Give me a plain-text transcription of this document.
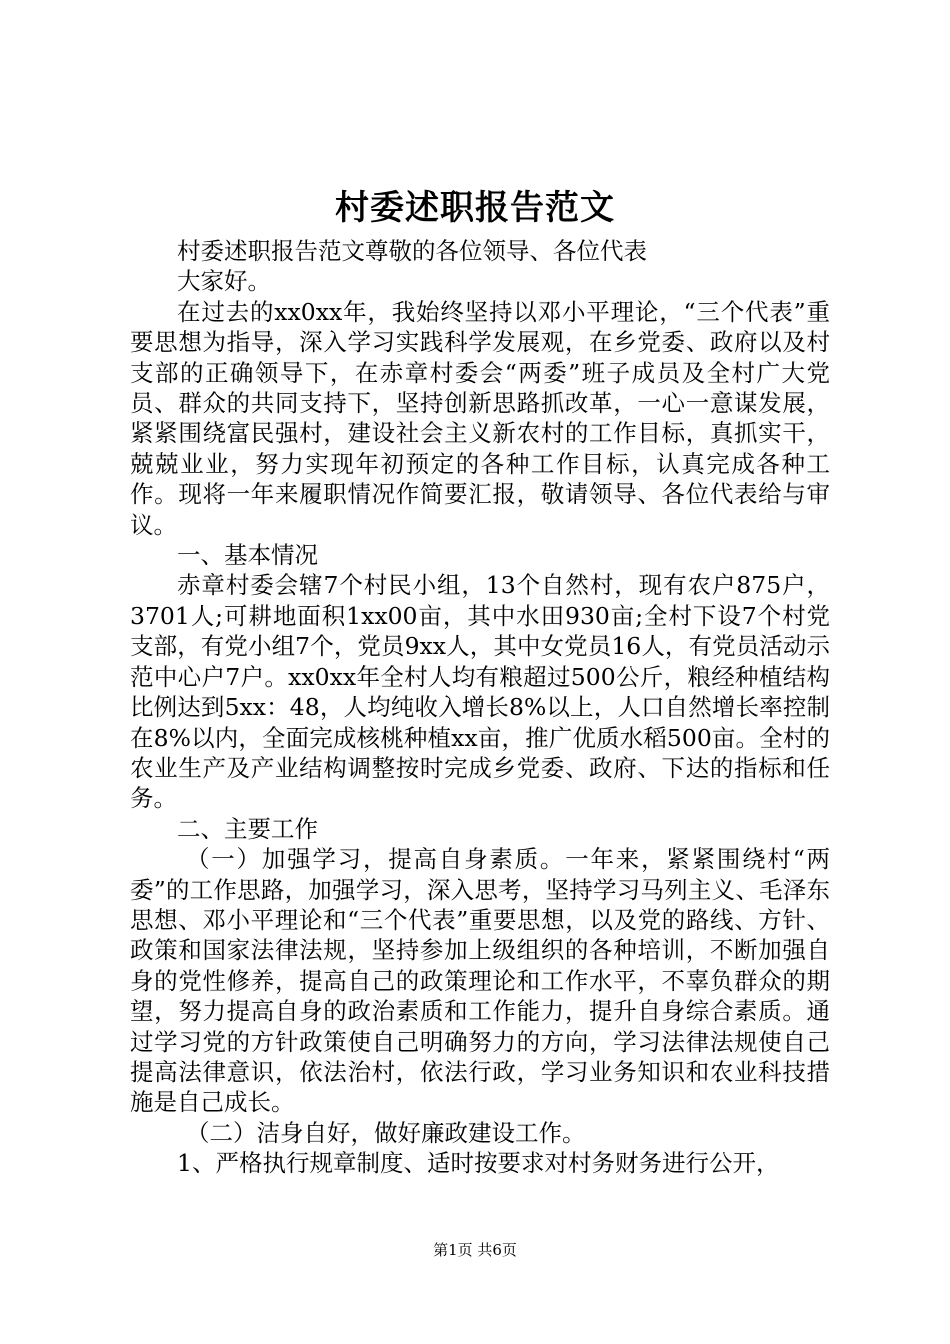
村委述职报告范文

村委述职报告范文尊敬的各位领导、各位代表

大家好。

在过去的xx0xx年，我始终坚持以邓小平理论，“三个代表”重要思想为指导，深入学习实践科学发展观，在乡党委、政府以及村支部的正确领导下，在赤章村委会“两委”班子成员及全村广大党员、群众的共同支持下，坚持创新思路抓改革，一心一意谋发展，紧紧围绕富民强村，建设社会主义新农村的工作目标，真抓实干，兢兢业业，努力实现年初预定的各种工作目标，认真完成各种工作。现将一年来履职情况作简要汇报，敬请领导、各位代表给与审议。

一、基本情况

赤章村委会辖7个村民小组，13个自然村，现有农户875户，3701人;可耕地面积1xx00亩，其中水田930亩;全村下设7个村党支部，有党小组7个，党员9xx人，其中女党员16人，有党员活动示范中心户7户。xx0xx年全村人均有粮超过500公斤，粮经种植结构比例达到5xx：48，人均纯收入增长8%以上，人口自然增长率控制在8%以内，全面完成核桃种植xx亩，推广优质水稻500亩。全村的农业生产及产业结构调整按时完成乡党委、政府、下达的指标和任务。

二、主要工作

（一）加强学习，提高自身素质。一年来，紧紧围绕村“两委”的工作思路，加强学习，深入思考，坚持学习马列主义、毛泽东思想、邓小平理论和“三个代表”重要思想，以及党的路线、方针、政策和国家法律法规，坚持参加上级组织的各种培训，不断加强自身的党性修养，提高自己的政策理论和工作水平，不辜负群众的期望，努力提高自身的政治素质和工作能力，提升自身综合素质。通过学习党的方针政策使自己明确努力的方向，学习法律法规使自己提高法律意识，依法治村，依法行政，学习业务知识和农业科技措施是自己成长。

（二）洁身自好，做好廉政建设工作。

1、严格执行规章制度、适时按要求对村务财务进行公开，

第1页 共6页
